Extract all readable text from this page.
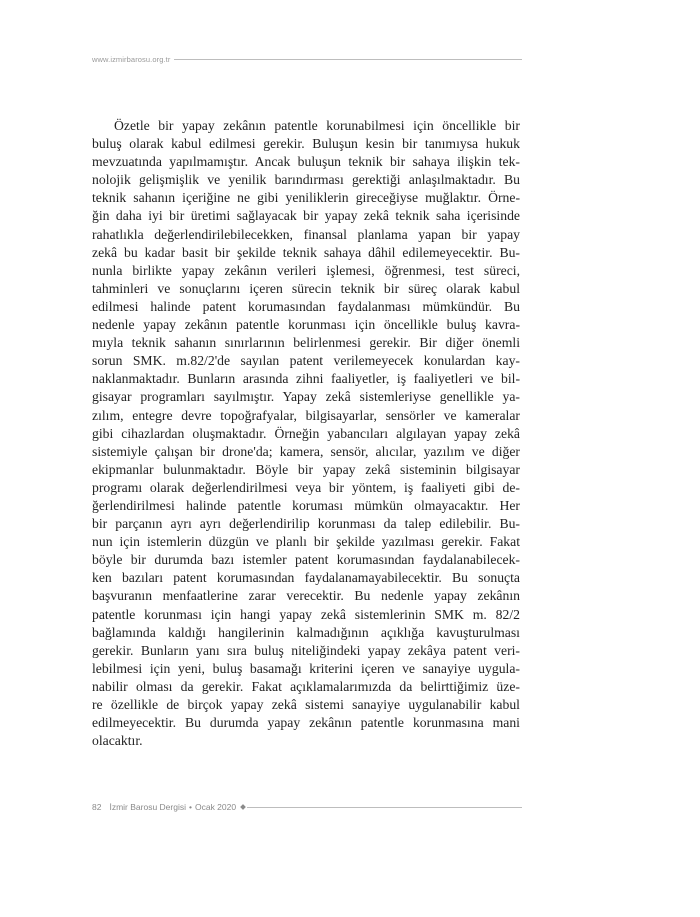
www.izmirbarosu.org.tr
Özetle bir yapay zekânın patentle korunabilmesi için öncellikle bir
buluş olarak kabul edilmesi gerekir. Buluşun kesin bir tanımıysa hukuk
mevzuatında yapılmamıştır. Ancak buluşun teknik bir sahaya ilişkin tek-
nolojik gelişmişlik ve yenilik barındırması gerektiği anlaşılmaktadır. Bu
teknik sahanın içeriğine ne gibi yeniliklerin gireceğiyse muğlaktır. Örne-
ğin daha iyi bir üretimi sağlayacak bir yapay zekâ teknik saha içerisinde
rahatlıkla değerlendirilebilecekken, finansal planlama yapan bir yapay
zekâ bu kadar basit bir şekilde teknik sahaya dâhil edilemeyecektir. Bu-
nunla birlikte yapay zekânın verileri işlemesi, öğrenmesi, test süreci,
tahminleri ve sonuçlarını içeren sürecin teknik bir süreç olarak kabul
edilmesi halinde patent korumasından faydalanması mümkündür. Bu
nedenle yapay zekânın patentle korunması için öncellikle buluş kavra-
mıyla teknik sahanın sınırlarının belirlenmesi gerekir. Bir diğer önemli
sorun SMK. m.82/2'de sayılan patent verilemeyecek konulardan kay-
naklanmaktadır. Bunların arasında zihni faaliyetler, iş faaliyetleri ve bil-
gisayar programları sayılmıştır. Yapay zekâ sistemleriyse genellikle ya-
zılım, entegre devre topoğrafyalar, bilgisayarlar, sensörler ve kameralar
gibi cihazlardan oluşmaktadır. Örneğin yabancıları algılayan yapay zekâ
sistemiyle çalışan bir drone'da; kamera, sensör, alıcılar, yazılım ve diğer
ekipmanlar bulunmaktadır. Böyle bir yapay zekâ sisteminin bilgisayar
programı olarak değerlendirilmesi veya bir yöntem, iş faaliyeti gibi de-
ğerlendirilmesi halinde patentle koruması mümkün olmayacaktır. Her
bir parçanın ayrı ayrı değerlendirilip korunması da talep edilebilir. Bu-
nun için istemlerin düzgün ve planlı bir şekilde yazılması gerekir. Fakat
böyle bir durumda bazı istemler patent korumasından faydalanabilecek-
ken bazıları patent korumasından faydalanamayabilecektir. Bu sonuçta
başvuranın menfaatlerine zarar verecektir. Bu nedenle yapay zekânın
patentle korunması için hangi yapay zekâ sistemlerinin SMK m. 82/2
bağlamında kaldığı hangilerinin kalmadığının açıklığa kavuşturulması
gerekir. Bunların yanı sıra buluş niteliğindeki yapay zekâya patent veri-
lebilmesi için yeni, buluş basamağı kriterini içeren ve sanayiye uygula-
nabilir olması da gerekir. Fakat açıklamalarımızda da belirttiğimiz üze-
re özellikle de birçok yapay zekâ sistemi sanayiye uygulanabilir kabul
edilmeyecektir. Bu durumda yapay zekânın patentle korunmasına mani
olacaktır.
82 İzmir Barosu Dergisi • Ocak 2020
